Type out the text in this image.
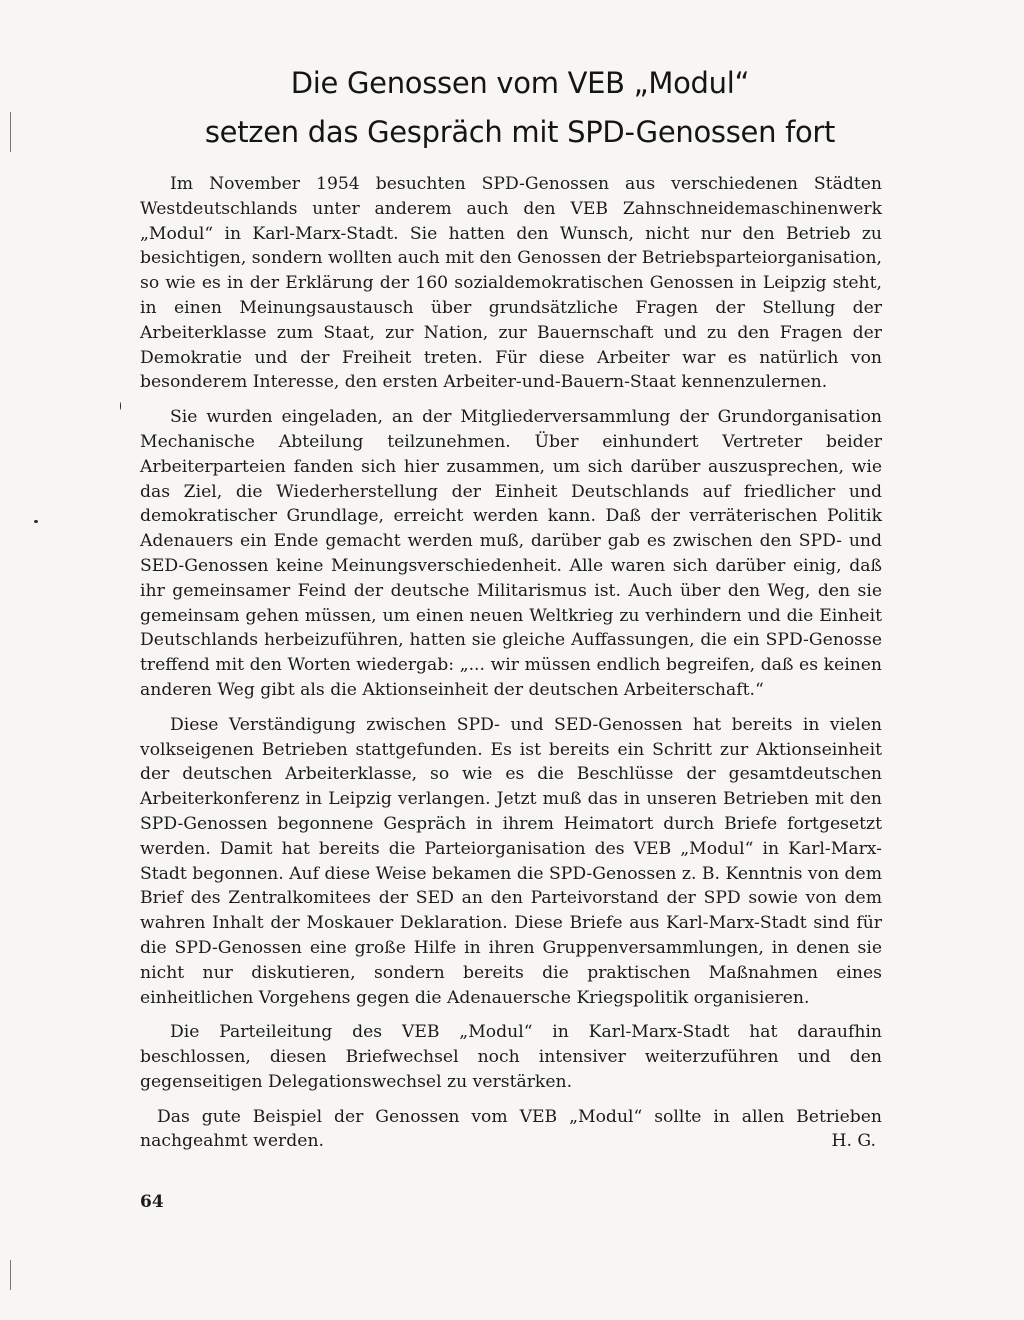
Die Genossen vom VEB „Modul“
setzen das Gespräch mit SPD-Genossen fort

Im November 1954 besuchten SPD-Genossen aus verschiedenen Städten Westdeutschlands unter anderem auch den VEB Zahnschneidemaschinenwerk „Modul“ in Karl-Marx-Stadt. Sie hatten den Wunsch, nicht nur den Betrieb zu besichtigen, sondern wollten auch mit den Genossen der Betriebsparteiorganisation, so wie es in der Erklärung der 160 sozialdemokratischen Genossen in Leipzig steht, in einen Meinungsaustausch über grundsätzliche Fragen der Stellung der Arbeiterklasse zum Staat, zur Nation, zur Bauernschaft und zu den Fragen der Demokratie und der Freiheit treten. Für diese Arbeiter war es natürlich von besonderem Interesse, den ersten Arbeiter-und-Bauern-Staat kennenzulernen.

Sie wurden eingeladen, an der Mitgliederversammlung der Grundorganisation Mechanische Abteilung teilzunehmen. Über einhundert Vertreter beider Arbeiterparteien fanden sich hier zusammen, um sich darüber auszusprechen, wie das Ziel, die Wiederherstellung der Einheit Deutschlands auf friedlicher und demokratischer Grundlage, erreicht werden kann. Daß der verräterischen Politik Adenauers ein Ende gemacht werden muß, darüber gab es zwischen den SPD- und SED-Genossen keine Meinungsverschiedenheit. Alle waren sich darüber einig, daß ihr gemeinsamer Feind der deutsche Militarismus ist. Auch über den Weg, den sie gemeinsam gehen müssen, um einen neuen Weltkrieg zu verhindern und die Einheit Deutschlands herbeizuführen, hatten sie gleiche Auffassungen, die ein SPD-Genosse treffend mit den Worten wiedergab: „... wir müssen endlich begreifen, daß es keinen anderen Weg gibt als die Aktionseinheit der deutschen Arbeiterschaft.“

Diese Verständigung zwischen SPD- und SED-Genossen hat bereits in vielen volkseigenen Betrieben stattgefunden. Es ist bereits ein Schritt zur Aktionseinheit der deutschen Arbeiterklasse, so wie es die Beschlüsse der gesamtdeutschen Arbeiterkonferenz in Leipzig verlangen. Jetzt muß das in unseren Betrieben mit den SPD-Genossen begonnene Gespräch in ihrem Heimatort durch Briefe fortgesetzt werden. Damit hat bereits die Parteiorganisation des VEB „Modul“ in Karl-Marx-Stadt begonnen. Auf diese Weise bekamen die SPD-Genossen z. B. Kenntnis von dem Brief des Zentralkomitees der SED an den Parteivorstand der SPD sowie von dem wahren Inhalt der Moskauer Deklaration. Diese Briefe aus Karl-Marx-Stadt sind für die SPD-Genossen eine große Hilfe in ihren Gruppenversammlungen, in denen sie nicht nur diskutieren, sondern bereits die praktischen Maßnahmen eines einheitlichen Vorgehens gegen die Adenauersche Kriegspolitik organisieren.

Die Parteileitung des VEB „Modul“ in Karl-Marx-Stadt hat daraufhin beschlossen, diesen Briefwechsel noch intensiver weiterzuführen und den gegenseitigen Delegationswechsel zu verstärken.

Das gute Beispiel der Genossen vom VEB „Modul“ sollte in allen Betrieben nachgeahmt werden.	H. G.

64
